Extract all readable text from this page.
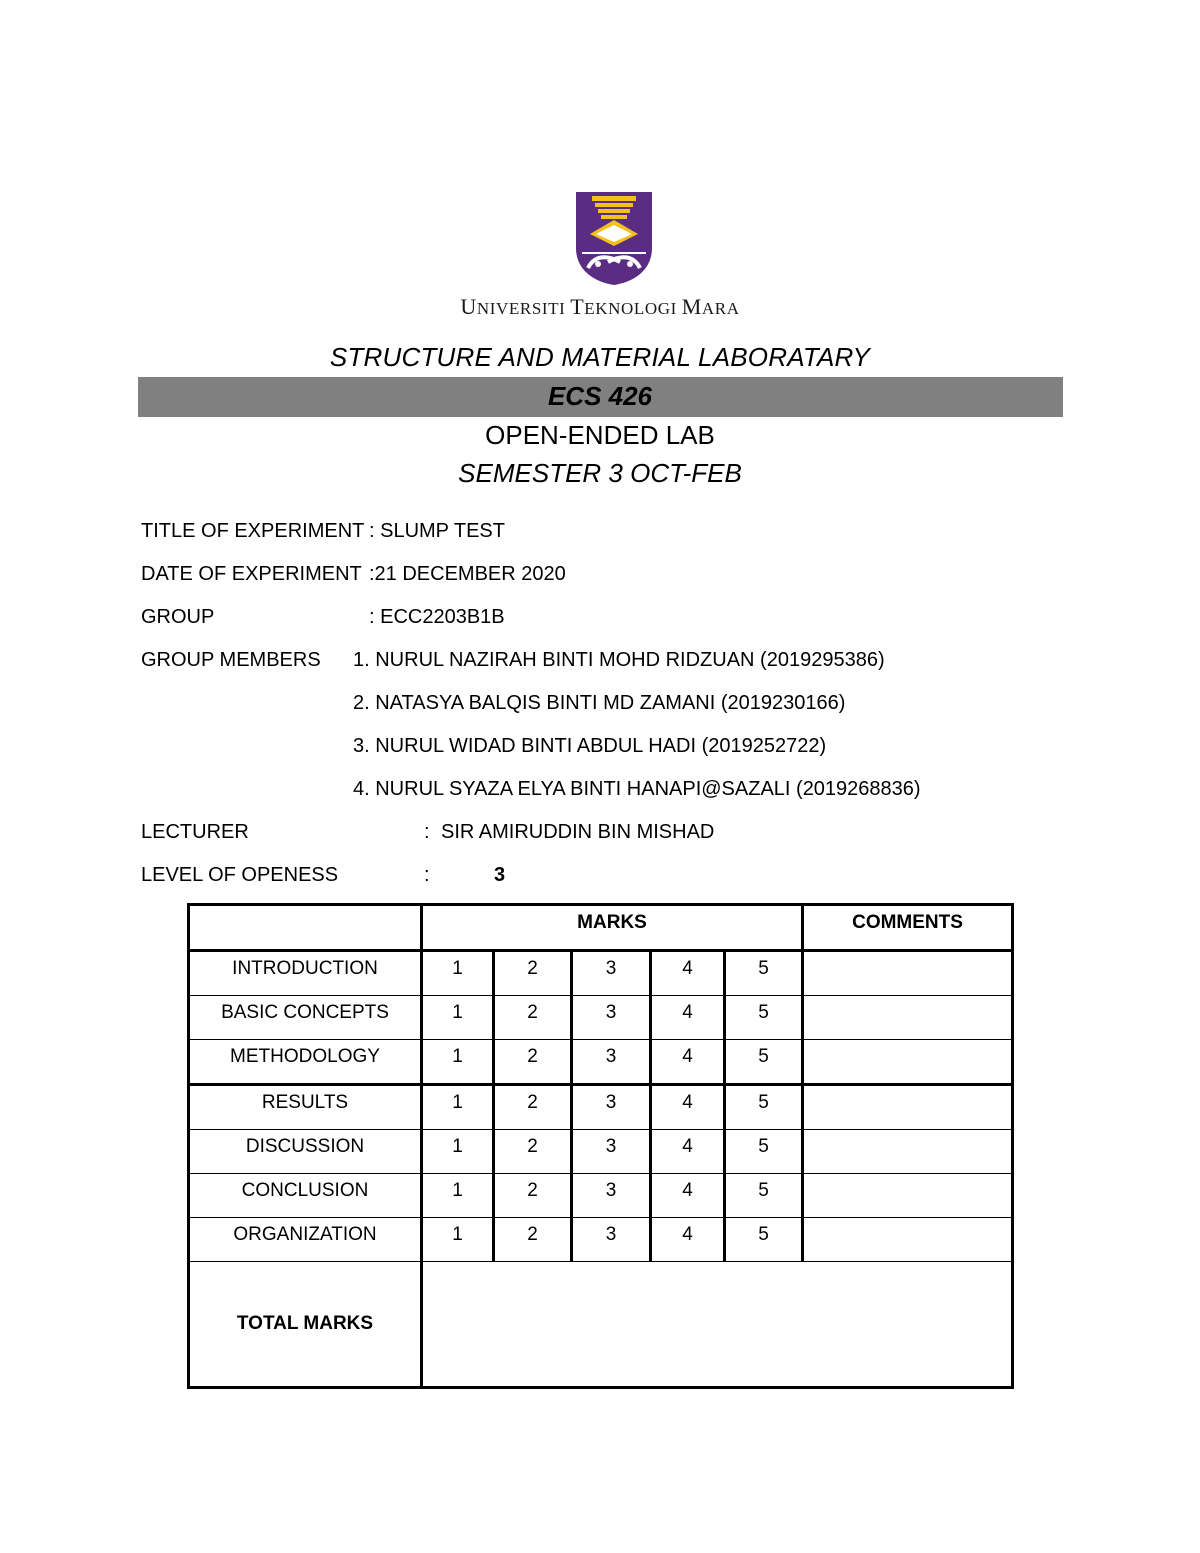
UNIVERSITI TEKNOLOGI MARA
STRUCTURE AND MATERIAL LABORATARY
ECS 426
OPEN-ENDED LAB
SEMESTER 3 OCT-FEB
TITLE OF EXPERIMENT : SLUMP TEST
DATE OF EXPERIMENT :21 DECEMBER 2020
GROUP	: ECC2203B1B
GROUP MEMBERS 1. NURUL NAZIRAH BINTI MOHD RIDZUAN (2019295386)
2. NATASYA BALQIS BINTI MD ZAMANI (2019230166)
3. NURUL WIDAD BINTI ABDUL HADI (2019252722)
4. NURUL SYAZA ELYA BINTI HANAPI@SAZALI (2019268836)
LECTURER	: SIR AMIRUDDIN BIN MISHAD
LEVEL OF OPENESS	:	3
	MARKS					COMMENTS
INTRODUCTION	1	2	3	4	5	
BASIC CONCEPTS	1	2	3	4	5	
METHODOLOGY	1	2	3	4	5	
RESULTS	1	2	3	4	5	
DISCUSSION	1	2	3	4	5	
CONCLUSION	1	2	3	4	5	
ORGANIZATION	1	2	3	4	5	
TOTAL MARKS						
